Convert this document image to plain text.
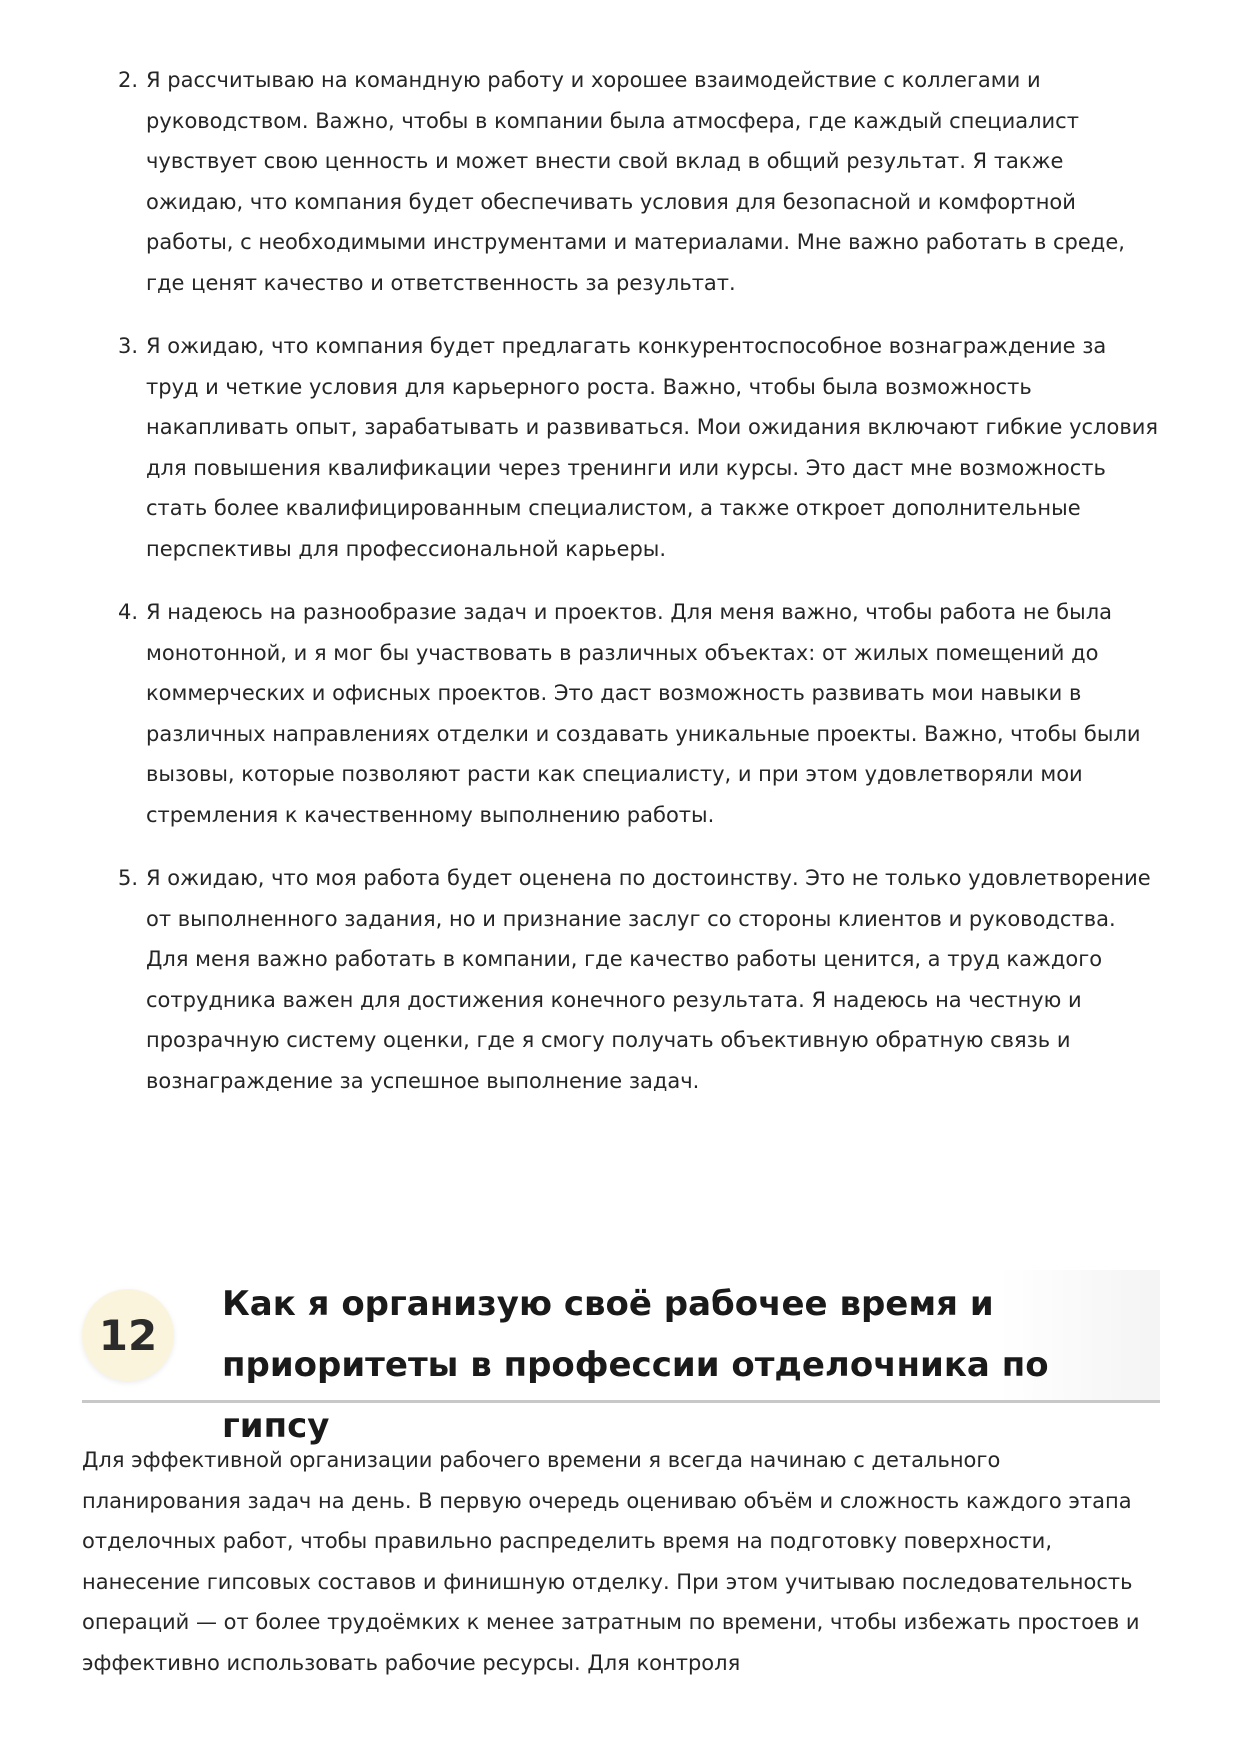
2. Я рассчитываю на командную работу и хорошее взаимодействие с коллегами и руководством. Важно, чтобы в компании была атмосфера, где каждый специалист чувствует свою ценность и может внести свой вклад в общий результат. Я также ожидаю, что компания будет обеспечивать условия для безопасной и комфортной работы, с необходимыми инструментами и материалами. Мне важно работать в среде, где ценят качество и ответственность за результат.
3. Я ожидаю, что компания будет предлагать конкурентоспособное вознаграждение за труд и четкие условия для карьерного роста. Важно, чтобы была возможность накапливать опыт, зарабатывать и развиваться. Мои ожидания включают гибкие условия для повышения квалификации через тренинги или курсы. Это даст мне возможность стать более квалифицированным специалистом, а также откроет дополнительные перспективы для профессиональной карьеры.
4. Я надеюсь на разнообразие задач и проектов. Для меня важно, чтобы работа не была монотонной, и я мог бы участвовать в различных объектах: от жилых помещений до коммерческих и офисных проектов. Это даст возможность развивать мои навыки в различных направлениях отделки и создавать уникальные проекты. Важно, чтобы были вызовы, которые позволяют расти как специалисту, и при этом удовлетворяли мои стремления к качественному выполнению работы.
5. Я ожидаю, что моя работа будет оценена по достоинству. Это не только удовлетворение от выполненного задания, но и признание заслуг со стороны клиентов и руководства. Для меня важно работать в компании, где качество работы ценится, а труд каждого сотрудника важен для достижения конечного результата. Я надеюсь на честную и прозрачную систему оценки, где я смогу получать объективную обратную связь и вознаграждение за успешное выполнение задач.
12
Как я организую своё рабочее время и приоритеты в профессии отделочника по гипсу

Для эффективной организации рабочего времени я всегда начинаю с детального планирования задач на день. В первую очередь оцениваю объём и сложность каждого этапа отделочных работ, чтобы правильно распределить время на подготовку поверхности, нанесение гипсовых составов и финишную отделку. При этом учитываю последовательность операций — от более трудоёмких к менее затратным по времени, чтобы избежать простоев и эффективно использовать рабочие ресурсы. Для контроля
